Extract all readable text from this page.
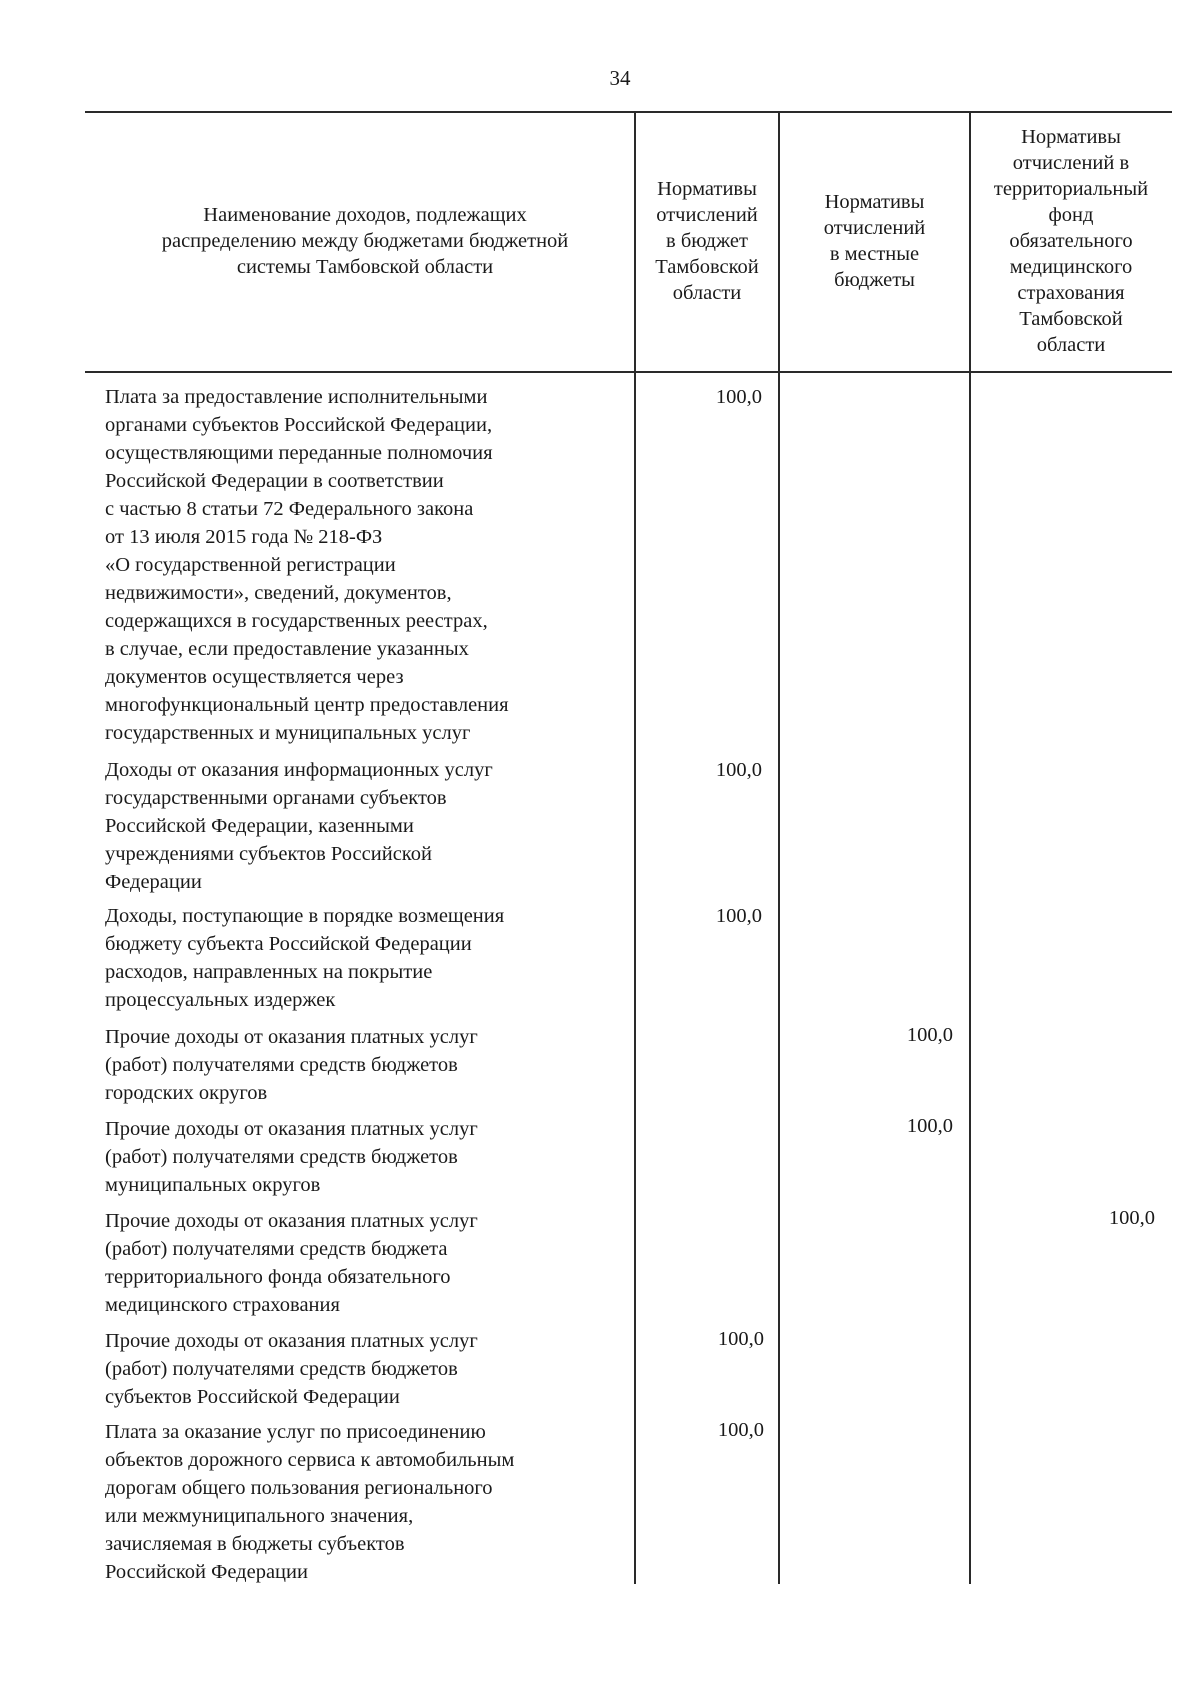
34
Наименование доходов, подлежащих
распределению между бюджетами бюджетной
системы Тамбовской области
Нормативы
отчислений
в бюджет
Тамбовской
области
Нормативы
отчислений
в местные
бюджеты
Нормативы
отчислений в
территориальный
фонд
обязательного
медицинского
страхования
Тамбовской
области
Плата за предоставление исполнительными
органами субъектов Российской Федерации,
осуществляющими переданные полномочия
Российской Федерации в соответствии
с частью 8 статьи 72 Федерального закона
от 13 июля 2015 года № 218-ФЗ
«О государственной регистрации
недвижимости», сведений, документов,
содержащихся в государственных реестрах,
в случае, если предоставление указанных
документов осуществляется через
многофункциональный центр предоставления
государственных и муниципальных услуг
100,0
Доходы от оказания информационных услуг
государственными органами субъектов
Российской Федерации, казенными
учреждениями субъектов Российской
Федерации
100,0
Доходы, поступающие в порядке возмещения
бюджету субъекта Российской Федерации
расходов, направленных на покрытие
процессуальных издержек
100,0
Прочие доходы от оказания платных услуг
(работ) получателями средств бюджетов
городских округов
100,0
Прочие доходы от оказания платных услуг
(работ) получателями средств бюджетов
муниципальных округов
100,0
Прочие доходы от оказания платных услуг
(работ) получателями средств бюджета
территориального фонда обязательного
медицинского страхования
100,0
Прочие доходы от оказания платных услуг
(работ) получателями средств бюджетов
субъектов Российской Федерации
100,0
Плата за оказание услуг по присоединению
объектов дорожного сервиса к автомобильным
дорогам общего пользования регионального
или межмуниципального значения,
зачисляемая в бюджеты субъектов
Российской Федерации
100,0
